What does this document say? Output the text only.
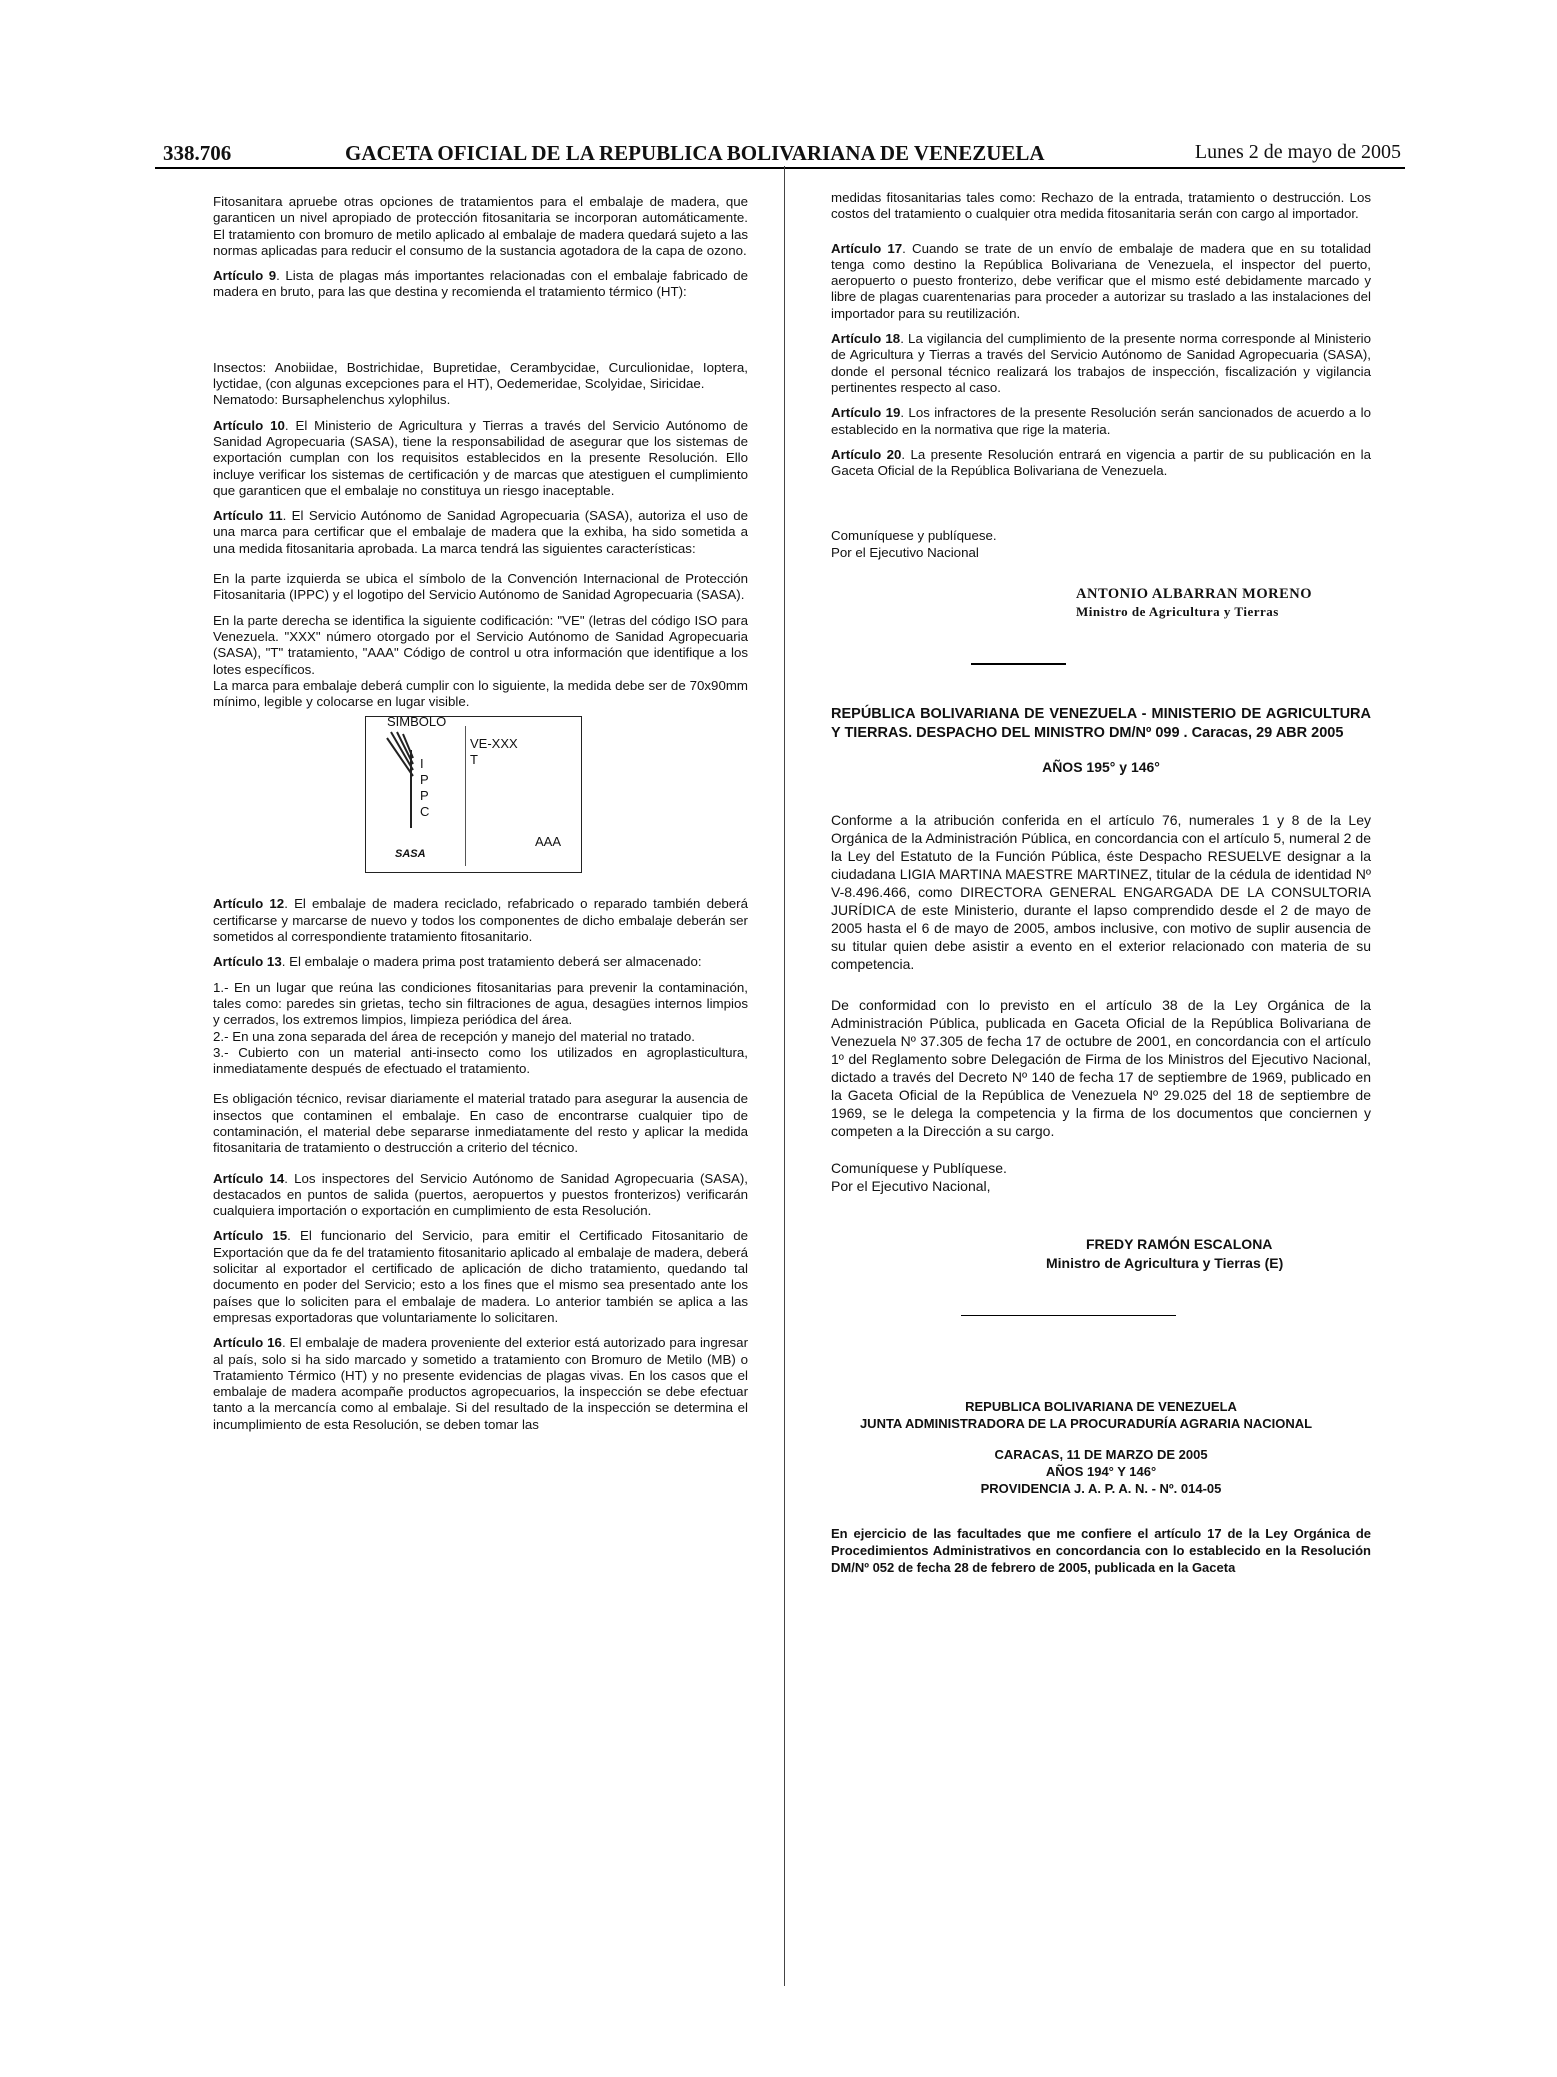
338.706	GACETA OFICIAL DE LA REPUBLICA BOLIVARIANA DE VENEZUELA	Lunes 2 de mayo de 2005

Fitosanitara apruebe otras opciones de tratamientos para el embalaje de madera, que garanticen un nivel apropiado de protección fitosanitaria se incorporan automáticamente. El tratamiento con bromuro de metilo aplicado al embalaje de madera quedará sujeto a las normas aplicadas para reducir el consumo de la sustancia agotadora de la capa de ozono.

Artículo 9. Lista de plagas más importantes relacionadas con el embalaje fabricado de madera en bruto, para las que destina y recomienda el tratamiento térmico (HT):

Insectos: Anobiidae, Bostrichidae, Bupretidae, Cerambycidae, Curculionidae, Ioptera, lyctidae, (con algunas excepciones para el HT), Oedemeridae, Scolyidae, Siricidae.

Nematodo: Bursaphelenchus xylophilus.

Artículo 10. El Ministerio de Agricultura y Tierras a través del Servicio Autónomo de Sanidad Agropecuaria (SASA), tiene la responsabilidad de asegurar que los sistemas de exportación cumplan con los requisitos establecidos en la presente Resolución. Ello incluye verificar los sistemas de certificación y de marcas que atestiguen el cumplimiento que garanticen que el embalaje no constituya un riesgo inaceptable.

Artículo 11. El Servicio Autónomo de Sanidad Agropecuaria (SASA), autoriza el uso de una marca para certificar que el embalaje de madera que la exhiba, ha sido sometida a una medida fitosanitaria aprobada. La marca tendrá las siguientes características:

En la parte izquierda se ubica el símbolo de la Convención Internacional de Protección Fitosanitaria (IPPC) y el logotipo del Servicio Autónomo de Sanidad Agropecuaria (SASA).

En la parte derecha se identifica la siguiente codificación: "VE" (letras del código ISO para Venezuela. "XXX" número otorgado por el Servicio Autónomo de Sanidad Agropecuaria (SASA), "T" tratamiento, "AAA" Código de control u otra información que identifique a los lotes específicos.

La marca para embalaje deberá cumplir con lo siguiente, la medida debe ser de 70x90mm mínimo, legible y colocarse en lugar visible.

SIMBOLO
I
P
P
C
VE-XXX
T
AAA
SASA

Artículo 12. El embalaje de madera reciclado, refabricado o reparado también deberá certificarse y marcarse de nuevo y todos los componentes de dicho embalaje deberán ser sometidos al correspondiente tratamiento fitosanitario.

Artículo 13. El embalaje o madera prima post tratamiento deberá ser almacenado:

1.- En un lugar que reúna las condiciones fitosanitarias para prevenir la contaminación, tales como: paredes sin grietas, techo sin filtraciones de agua, desagües internos limpios y cerrados, los extremos limpios, limpieza periódica del área.

2.- En una zona separada del área de recepción y manejo del material no tratado.

3.- Cubierto con un material anti-insecto como los utilizados en agroplasticultura, inmediatamente después de efectuado el tratamiento.

Es obligación técnico, revisar diariamente el material tratado para asegurar la ausencia de insectos que contaminen el embalaje. En caso de encontrarse cualquier tipo de contaminación, el material debe separarse inmediatamente del resto y aplicar la medida fitosanitaria de tratamiento o destrucción a criterio del técnico.

Artículo 14. Los inspectores del Servicio Autónomo de Sanidad Agropecuaria (SASA), destacados en puntos de salida (puertos, aeropuertos y puestos fronterizos) verificarán cualquiera importación o exportación en cumplimiento de esta Resolución.

Artículo 15. El funcionario del Servicio, para emitir el Certificado Fitosanitario de Exportación que da fe del tratamiento fitosanitario aplicado al embalaje de madera, deberá solicitar al exportador el certificado de aplicación de dicho tratamiento, quedando tal documento en poder del Servicio; esto a los fines que el mismo sea presentado ante los países que lo soliciten para el embalaje de madera. Lo anterior también se aplica a las empresas exportadoras que voluntariamente lo solicitaren.

Artículo 16. El embalaje de madera proveniente del exterior está autorizado para ingresar al país, solo si ha sido marcado y sometido a tratamiento con Bromuro de Metilo (MB) o Tratamiento Térmico (HT) y no presente evidencias de plagas vivas. En los casos que el embalaje de madera acompañe productos agropecuarios, la inspección se debe efectuar tanto a la mercancía como al embalaje. Si del resultado de la inspección se determina el incumplimiento de esta Resolución, se deben tomar las

medidas fitosanitarias tales como: Rechazo de la entrada, tratamiento o destrucción. Los costos del tratamiento o cualquier otra medida fitosanitaria serán con cargo al importador.

Artículo 17. Cuando se trate de un envío de embalaje de madera que en su totalidad tenga como destino la República Bolivariana de Venezuela, el inspector del puerto, aeropuerto o puesto fronterizo, debe verificar que el mismo esté debidamente marcado y libre de plagas cuarentenarias para proceder a autorizar su traslado a las instalaciones del importador para su reutilización.

Artículo 18. La vigilancia del cumplimiento de la presente norma corresponde al Ministerio de Agricultura y Tierras a través del Servicio Autónomo de Sanidad Agropecuaria (SASA), donde el personal técnico realizará los trabajos de inspección, fiscalización y vigilancia pertinentes respecto al caso.

Artículo 19. Los infractores de la presente Resolución serán sancionados de acuerdo a lo establecido en la normativa que rige la materia.

Artículo 20. La presente Resolución entrará en vigencia a partir de su publicación en la Gaceta Oficial de la República Bolivariana de Venezuela.

Comuníquese y publíquese.

Por el Ejecutivo Nacional

ANTONIO ALBARRAN MORENO
Ministro de Agricultura y Tierras
REPÚBLICA BOLIVARIANA DE VENEZUELA - MINISTERIO DE AGRICULTURA Y TIERRAS. DESPACHO DEL MINISTRO DM/Nº 099 . Caracas, 29 ABR 2005
AÑOS 195° y 146°

Conforme a la atribución conferida en el artículo 76, numerales 1 y 8 de la Ley Orgánica de la Administración Pública, en concordancia con el artículo 5, numeral 2 de la Ley del Estatuto de la Función Pública, éste Despacho RESUELVE designar a la ciudadana LIGIA MARTINA MAESTRE MARTINEZ, titular de la cédula de identidad Nº V-8.496.466, como DIRECTORA GENERAL ENGARGADA DE LA CONSULTORIA JURÍDICA de este Ministerio, durante el lapso comprendido desde el 2 de mayo de 2005 hasta el 6 de mayo de 2005, ambos inclusive, con motivo de suplir ausencia de su titular quien debe asistir a evento en el exterior relacionado con materia de su competencia.

De conformidad con lo previsto en el artículo 38 de la Ley Orgánica de la Administración Pública, publicada en Gaceta Oficial de la República Bolivariana de Venezuela Nº 37.305 de fecha 17 de octubre de 2001, en concordancia con el artículo 1º del Reglamento sobre Delegación de Firma de los Ministros del Ejecutivo Nacional, dictado a través del Decreto Nº 140 de fecha 17 de septiembre de 1969, publicado en la Gaceta Oficial de la República de Venezuela Nº 29.025 del 18 de septiembre de 1969, se le delega la competencia y la firma de los documentos que conciernen y competen a la Dirección a su cargo.

Comuníquese y Publíquese.

Por el Ejecutivo Nacional,

FREDY RAMÓN ESCALONA
Ministro de Agricultura y Tierras (E)
REPUBLICA BOLIVARIANA DE VENEZUELA
JUNTA ADMINISTRADORA DE LA PROCURADURÍA AGRARIA NACIONAL
CARACAS, 11 DE MARZO DE 2005
AÑOS 194° Y 146°
PROVIDENCIA J. A. P. A. N. - Nº. 014-05

En ejercicio de las facultades que me confiere el artículo 17 de la Ley Orgánica de Procedimientos Administrativos en concordancia con lo establecido en la Resolución DM/Nº 052 de fecha 28 de febrero de 2005, publicada en la Gaceta
